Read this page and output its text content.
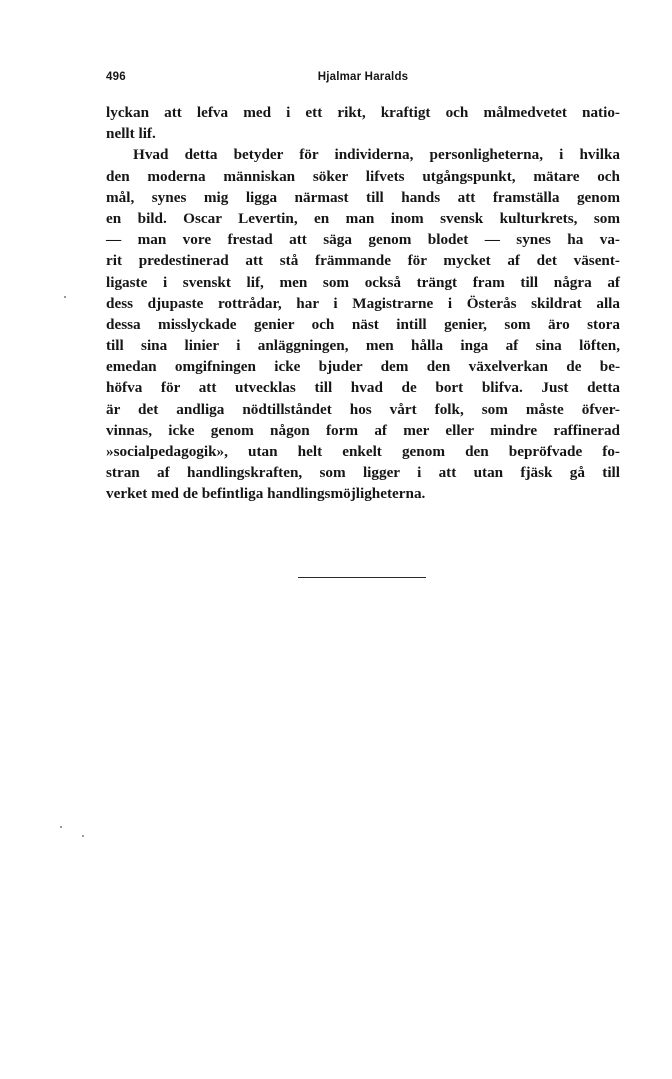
496	Hjalmar Haralds
lyckan att lefva med i ett rikt, kraftigt och målmedvetet natio-
nellt lif.
Hvad detta betyder för individerna, personligheterna, i hvilka
den moderna människan söker lifvets utgångspunkt, mätare och
mål, synes mig ligga närmast till hands att framställa genom
en bild. Oscar Levertin, en man inom svensk kulturkrets, som
— man vore frestad att säga genom blodet — synes ha va-
rit predestinerad att stå främmande för mycket af det väsent-
ligaste i svenskt lif, men som också trängt fram till några af
dess djupaste rottrådar, har i Magistrarne i Österås skildrat alla
dessa misslyckade genier och näst intill genier, som äro stora
till sina linier i anläggningen, men hålla inga af sina löften,
emedan omgifningen icke bjuder dem den växelverkan de be-
höfva för att utvecklas till hvad de bort blifva. Just detta
är det andliga nödtillståndet hos vårt folk, som måste öfver-
vinnas, icke genom någon form af mer eller mindre raffinerad
»socialpedagogik», utan helt enkelt genom den bepröfvade fo-
stran af handlingskraften, som ligger i att utan fjäsk gå till
verket med de befintliga handlingsmöjligheterna.
